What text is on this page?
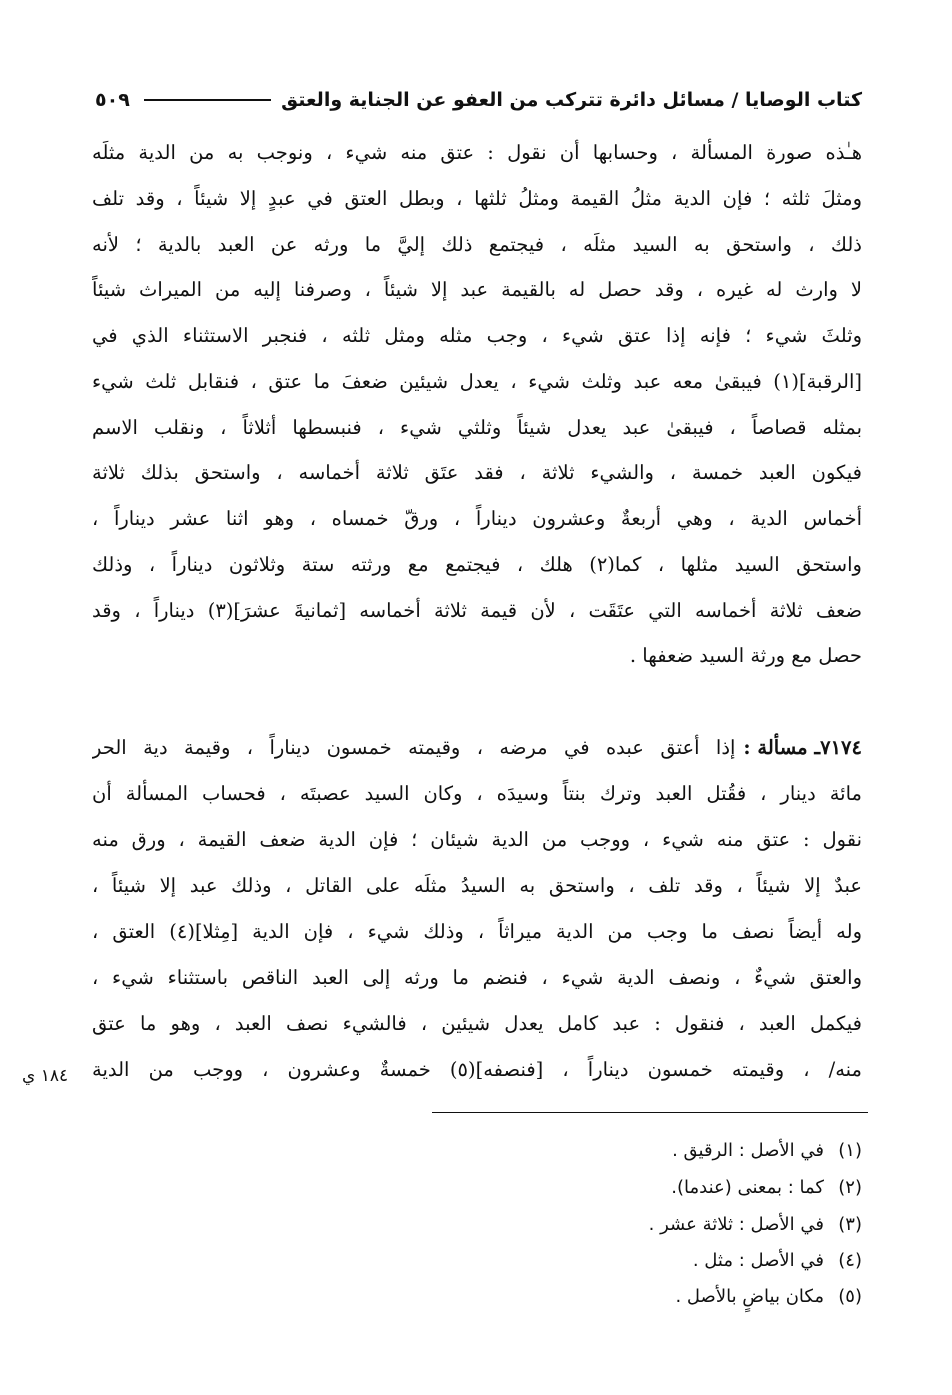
كتاب الوصايا / مسائل دائرة تتركب من العفو عن الجناية والعتق
٥٠٩
هـٰذه صورة المسألة ، وحسابها أن نقول : عتق منه شيء ، ونوجب به من الدية مثلَه
ومثلَ ثلثه ؛ فإن الدية مثلُ القيمة ومثلُ ثلثها ، وبطل العتق في عبدٍ إلا شيئاً ، وقد تلف
ذلك ، واستحق به السيد مثلَه ، فيجتمع ذلك إليَّ ما ورثه عن العبد بالدية ؛ لأنه
لا وارث له غيره ، وقد حصل له بالقيمة عبد إلا شيئاً ، وصرفنا إليه من الميراث شيئاً
وثلثَ شيء ؛ فإنه إذا عتق شيء ، وجب مثله ومثل ثلثه ، فنجبر الاستثناء الذي في
[الرقبة](١) فيبقىٰ معه عبد وثلث شيء ، يعدل شيئين ضعفَ ما عتق ، فنقابل ثلث شيء
بمثله قصاصاً ، فيبقىٰ عبد يعدل شيئاً وثلثي شيء ، فنبسطها أثلاثاً ، ونقلب الاسم
فيكون العبد خمسة ، والشيء ثلاثة ، فقد عتَق ثلاثة أخماسه ، واستحق بذلك ثلاثة
أخماس الدية ، وهي أربعةٌ وعشرون ديناراً ، ورقّ خمساه ، وهو اثنا عشر ديناراً ،
واستحق السيد مثلها ، كما(٢) هلك ، فيجتمع مع ورثته ستة وثلاثون ديناراً ، وذلك
ضعف ثلاثة أخماسه التي عتَقَت ، لأن قيمة ثلاثة أخماسه [ثمانيةَ عشرَ](٣) ديناراً ، وقد
حصل مع ورثة السيد ضعفها .
٧١٧٤ـ مسألة :
إذا أعتق عبده في مرضه ، وقيمته خمسون ديناراً ، وقيمة دية الحر
مائة دينار ، فقُتل العبد وترك بنتاً وسيدَه ، وكان السيد عصبتَه ، فحساب المسألة أن
نقول : عتق منه شيء ، ووجب من الدية شيئان ؛ فإن الدية ضعف القيمة ، ورق منه
عبدٌ إلا شيئاً ، وقد تلف ، واستحق به السيدُ مثلَه على القاتل ، وذلك عبد إلا شيئاً ،
وله أيضاً نصف ما وجب من الدية ميراثاً ، وذلك شيء ، فإن الدية [مِثلا](٤) العتق ،
والعتق شيءٌ ، ونصف الدية شيء ، فنضم ما ورثه إلى العبد الناقص باستثناء شيء ،
فيكمل العبد ، فنقول : عبد كامل يعدل شيئين ، فالشيء نصف العبد ، وهو ما عتق
منه/ ، وقيمته خمسون ديناراً ، [فنصفه](٥) خمسةٌ وعشرون ، ووجب من الدية
١٨٤ ي
(١)في الأصل : الرقيق .
(٢)كما : بمعنى (عندما).
(٣)في الأصل : ثلاثة عشر .
(٤)في الأصل : مثل .
(٥)مكان بياضٍ بالأصل .
